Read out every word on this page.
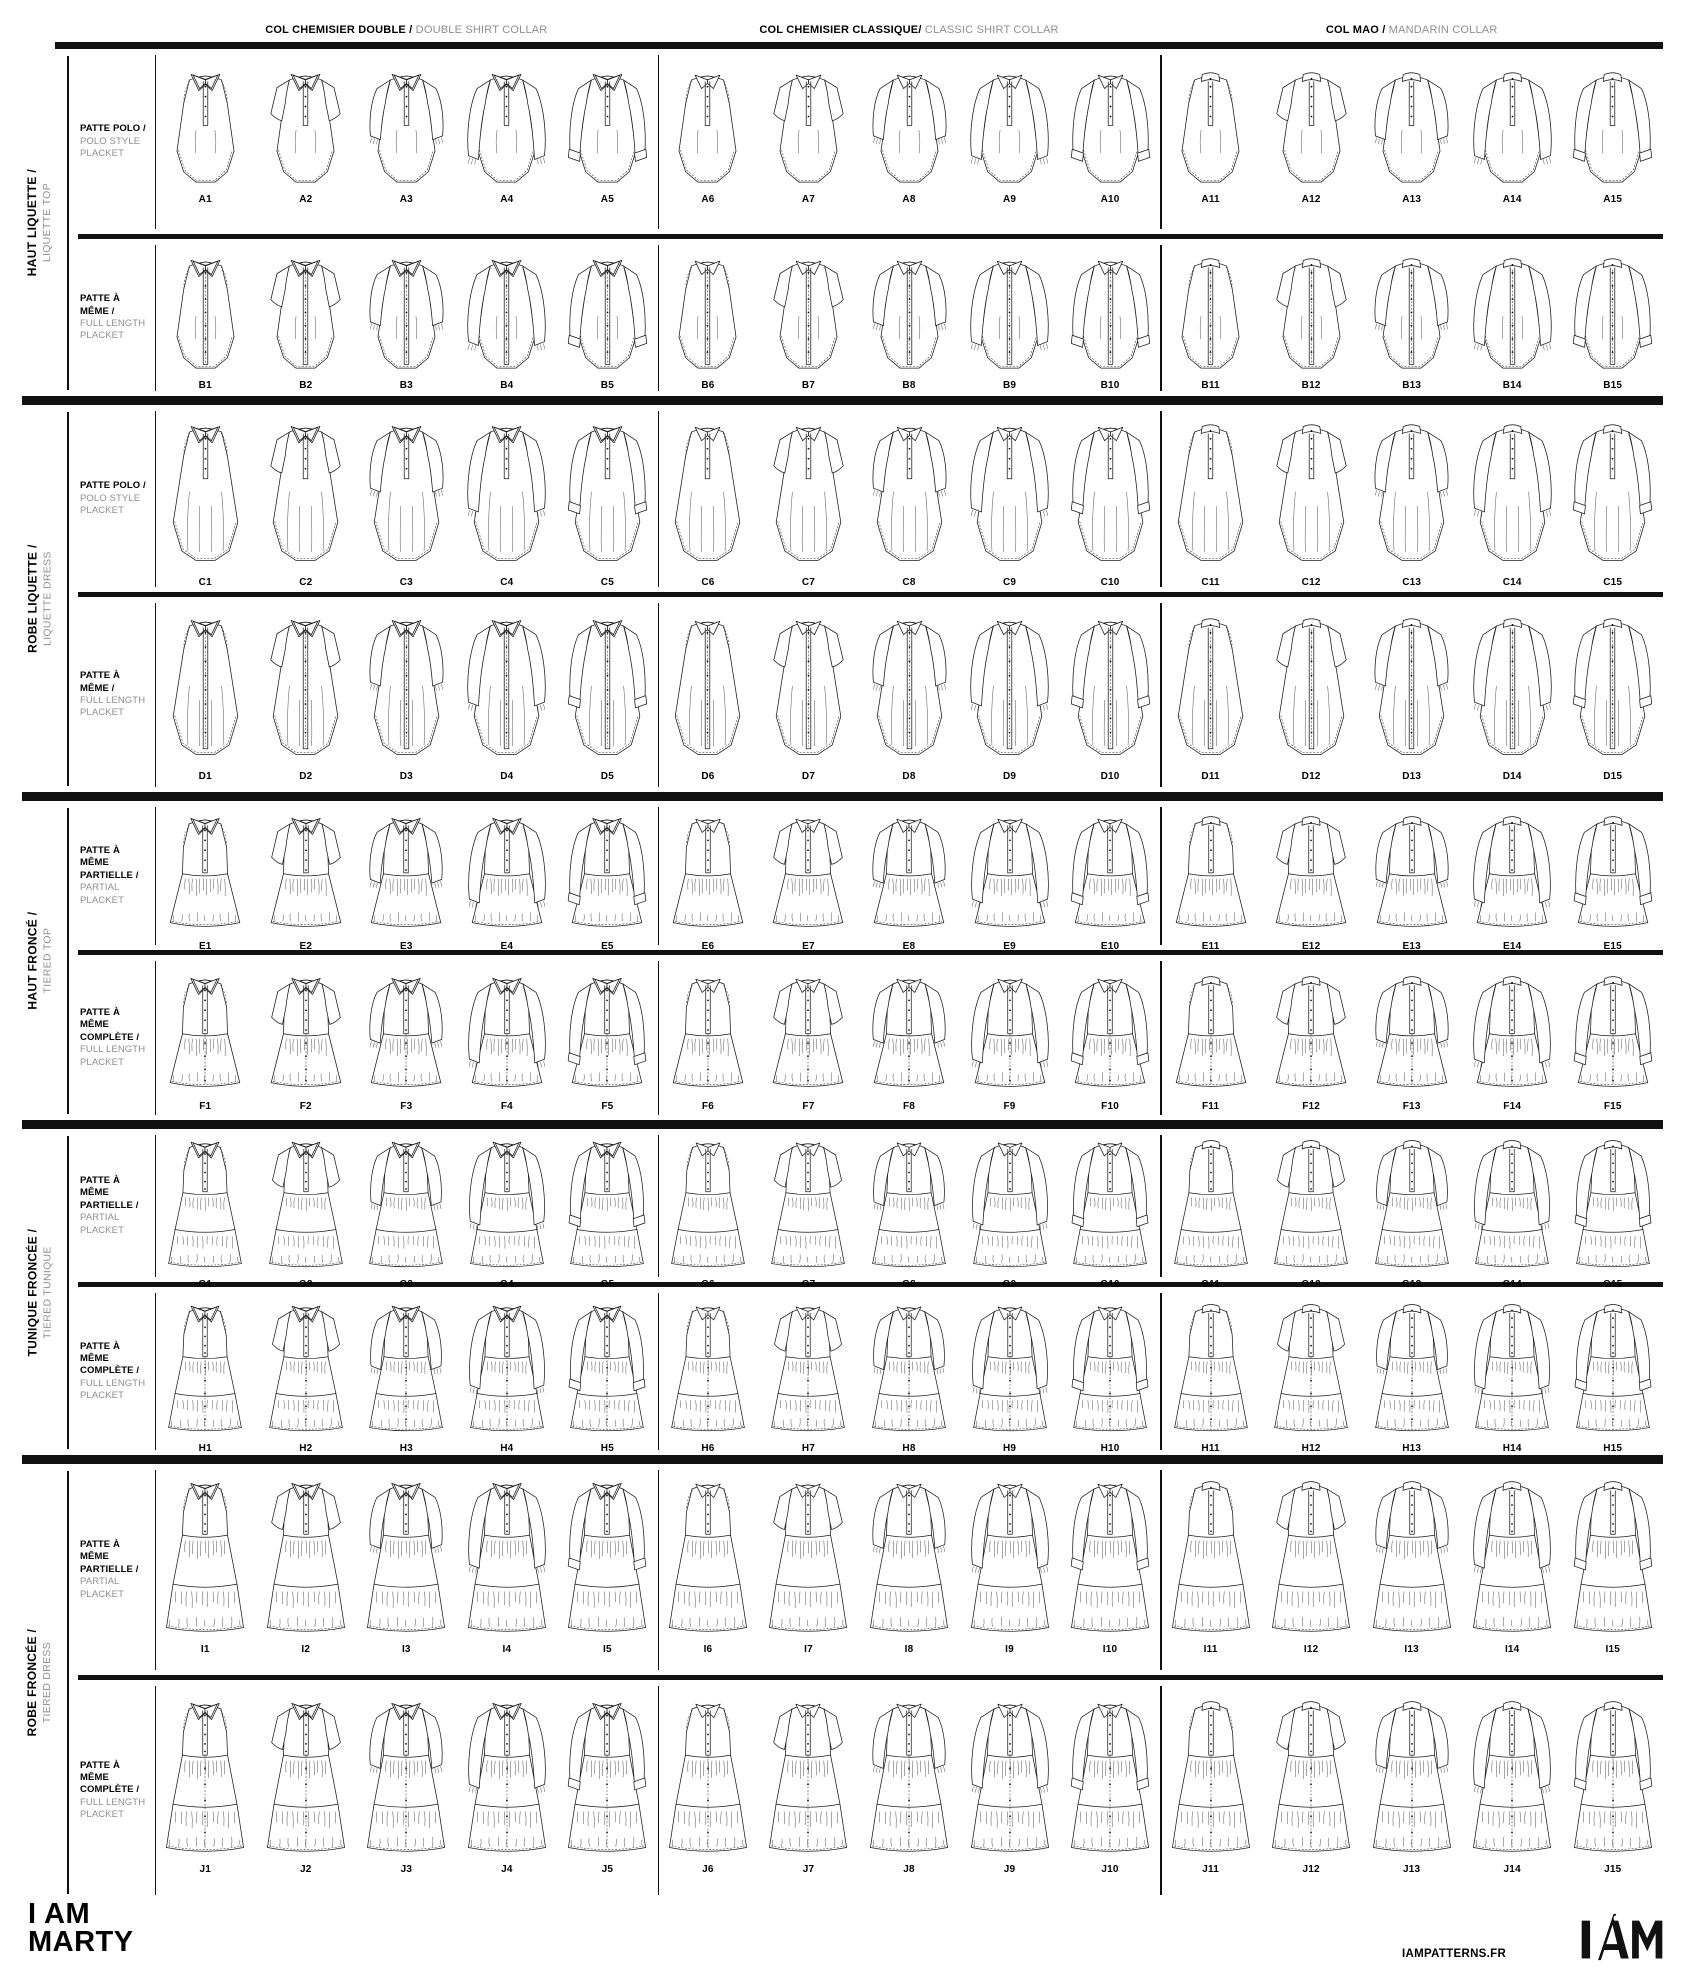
I AM
MARTY	IAMPATTERNS.FR
COL CHEMISIER DOUBLE / DOUBLE SHIRT COLLAR	COL CHEMISIER CLASSIQUE/ CLASSIC SHIRT COLLAR	COL MAO / MANDARIN COLLAR
HAUT LIQUETTE / LIQUETTE TOP
PATTE POLO /
POLO STYLE PLACKET
A1	A2	A3	A4	A5	A6	A7	A8	A9	A10	A11	A12	A13	A14	A15
PATTE À MÊME /
FULL LENGTH PLACKET
B1	B2	B3	B4	B5	B6	B7	B8	B9	B10	B11	B12	B13	B14	B15
ROBE LIQUETTE / LIQUETTE DRESS
PATTE POLO /
POLO STYLE PLACKET
C1	C2	C3	C4	C5	C6	C7	C8	C9	C10	C11	C12	C13	C14	C15
PATTE À MÊME /
FULL LENGTH PLACKET
D1	D2	D3	D4	D5	D6	D7	D8	D9	D10	D11	D12	D13	D14	D15
HAUT FRONCÉ / TIERED TOP
PATTE À MÊME PARTIELLE /
PARTIAL PLACKET
E1	E2	E3	E4	E5	E6	E7	E8	E9	E10	E11	E12	E13	E14	E15
PATTE À MÊME COMPLÈTE /
FULL LENGTH PLACKET
F1	F2	F3	F4	F5	F6	F7	F8	F9	F10	F11	F12	F13	F14	F15
TUNIQUE FRONCÉE / TIERED TUNIQUE
PATTE À MÊME PARTIELLE /
PARTIAL PLACKET
G1	G2	G3	G4	G5	G6	G7	G8	G9	G10	G11	G12	G13	G14	G15
PATTE À MÊME COMPLÈTE /
FULL LENGTH PLACKET
H1	H2	H3	H4	H5	H6	H7	H8	H9	H10	H11	H12	H13	H14	H15
ROBE FRONCÉE / TIERED DRESS
PATTE À MÊME PARTIELLE /
PARTIAL PLACKET
I1	I2	I3	I4	I5	I6	I7	I8	I9	I10	I11	I12	I13	I14	I15
PATTE À MÊME COMPLÈTE /
FULL LENGTH PLACKET
J1	J2	J3	J4	J5	J6	J7	J8	J9	J10	J11	J12	J13	J14	J15
